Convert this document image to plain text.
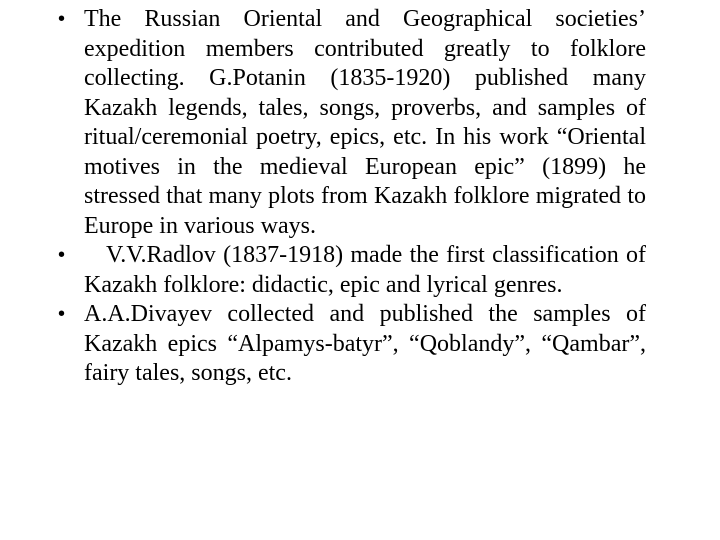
• The Russian Oriental and Geographical societies’ expedition members contributed greatly to folklore collecting. G.Potanin (1835-1920) published many Kazakh legends, tales, songs, proverbs, and samples of ritual/ceremonial poetry, epics, etc. In his work “Oriental motives in the medieval European epic” (1899) he stressed that many plots from Kazakh folklore migrated to Europe in various ways.
• V.V.Radlov (1837-1918) made the first classification of Kazakh folklore: didactic, epic and lyrical genres.
• A.A.Divayev collected and published the samples of Kazakh epics “Alpamys-batyr”, “Qoblandy”, “Qambar”, fairy tales, songs, etc.
